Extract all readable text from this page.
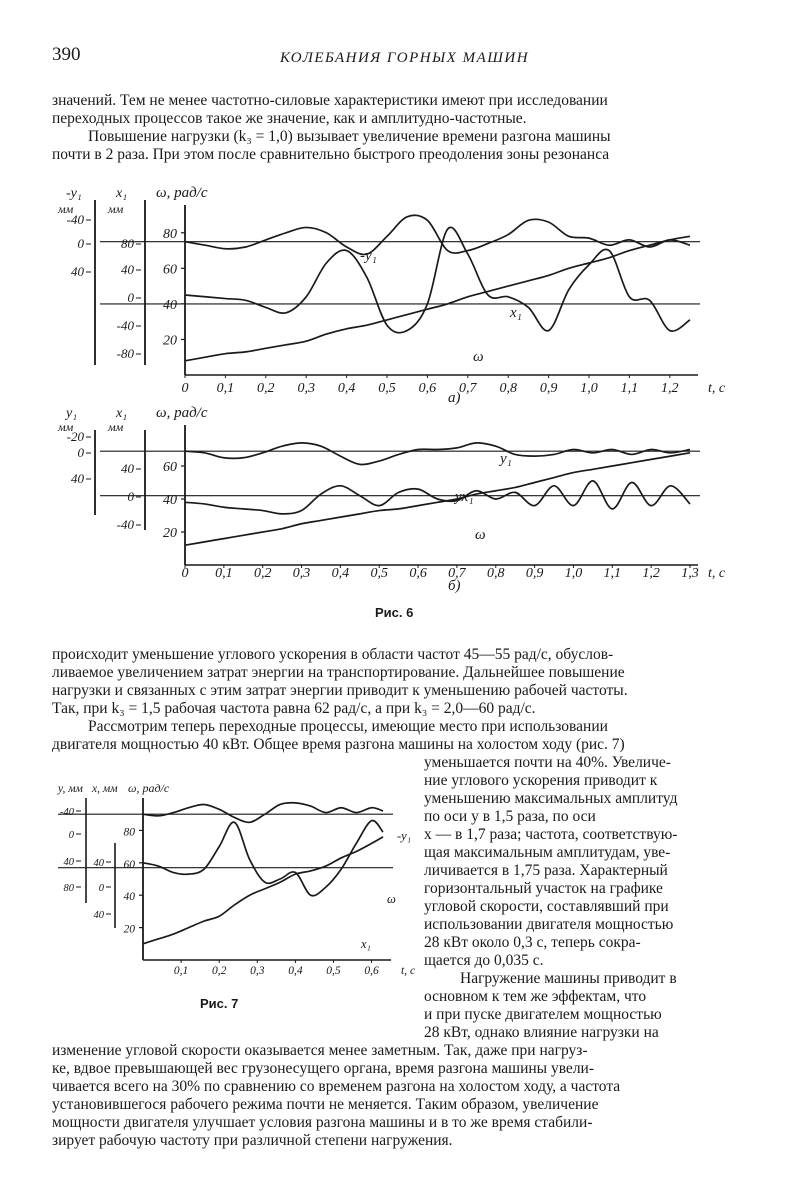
390	КОЛЕБАНИЯ ГОРНЫХ МАШИН
значений. Тем не менее частотно-силовые характеристики имеют при исследовании
переходных процессов такое же значение, как и амплитудно-частотные.
Повышение нагрузки (k₃ = 1,0) вызывает увеличение времени разгона машины
почти в 2 раза. При этом после сравнительно быстрого преодоления зоны резонанса
-y₁
мм
x₁
мм
ω, рад/с
-40
0
40
80
40
0
-40
-80
80
60
40
20
0 0,1 0,2 0,3 0,4 0,5 0,6 0,7 0,8 0,9 1,0 1,1 1,2 t, c
-y₁
x₁
ω
а)
y₁
мм
x₁
мм
ω, рад/с
-20
0
40
40
0
-40
60
40
20
0 0,1 0,2 0,3 0,4 0,5 0,6 0,7 0,8 0,9 1,0 1,1 1,2 1,3 t, c
y₁
yx₁
ω
б)
Рис. 6
происходит уменьшение углового ускорения в области частот 45—55 рад/с, обуслов-
ливаемое увеличением затрат энергии на транспортирование. Дальнейшее повышение
нагрузки и связанных с этим затрат энергии приводит к уменьшению рабочей частоты.
Так, при k₃ = 1,5 рабочая частота равна 62 рад/с, а при k₃ = 2,0—60 рад/с.
Рассмотрим теперь переходные процессы, имеющие место при использовании
двигателя мощностью 40 кВт. Общее время разгона машины на холостом ходу (рис. 7)
y, мм x, мм ω, рад/с
-40
0
40
80
40
0
40
80
60
40
20
0,1 0,2 0,3 0,4 0,5 0,6 t, c
-y₁
x₁
ω
Рис. 7
уменьшается почти на 40%. Увеличе-
ние углового ускорения приводит к
уменьшению максимальных амплитуд
по оси y в 1,5 раза, по оси
x — в 1,7 раза; частота, соответствую-
щая максимальным амплитудам, уве-
личивается в 1,75 раза. Характерный
горизонтальный участок на графике
угловой скорости, составлявший при
использовании двигателя мощностью
28 кВт около 0,3 с, теперь сокра-
щается до 0,035 с.
Нагружение машины приводит в
основном к тем же эффектам, что
и при пуске двигателем мощностью
28 кВт, однако влияние нагрузки на
изменение угловой скорости оказывается менее заметным. Так, даже при нагруз-
ке, вдвое превышающей вес грузонесущего органа, время разгона машины увели-
чивается всего на 30% по сравнению со временем разгона на холостом ходу, а частота
установившегося рабочего режима почти не меняется. Таким образом, увеличение
мощности двигателя улучшает условия разгона машины и в то же время стабили-
зирует рабочую частоту при различной степени нагружения.
